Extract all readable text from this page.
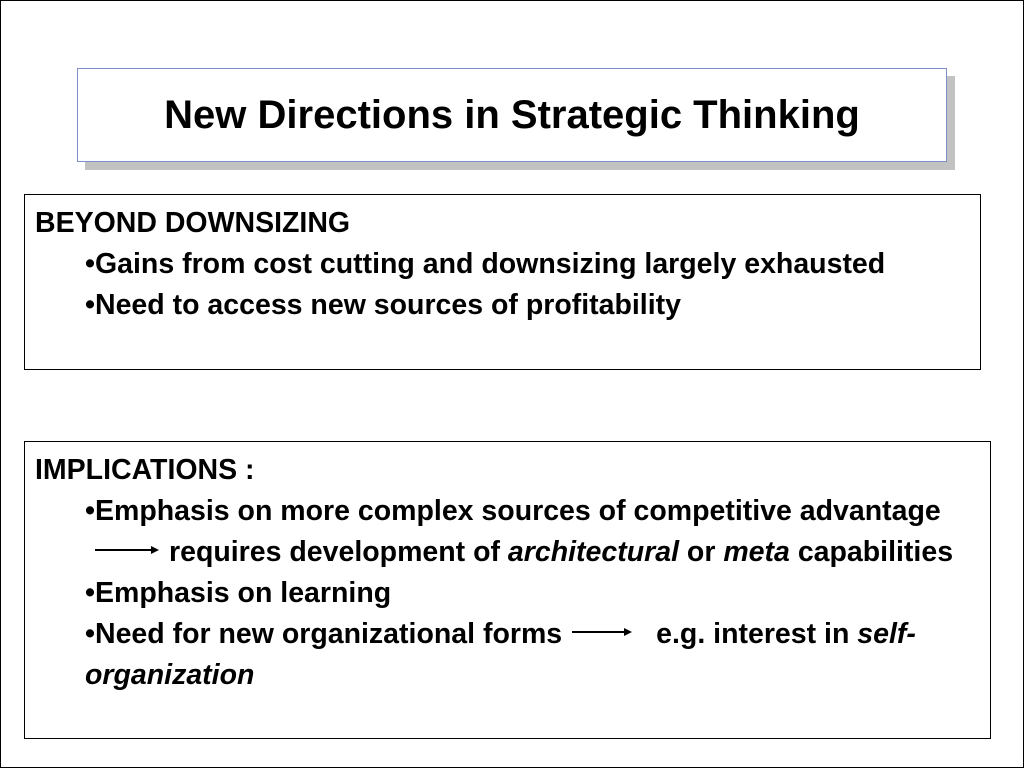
New Directions in Strategic Thinking
BEYOND DOWNSIZING
•Gains from cost cutting and downsizing largely exhausted
•Need to access new sources of profitability
IMPLICATIONS :
•Emphasis on more complex sources of competitive advantagerequires development of architectural or meta capabilities
•Emphasis on learning
•Need for new organizational forms	e.g. interest in self-organization
